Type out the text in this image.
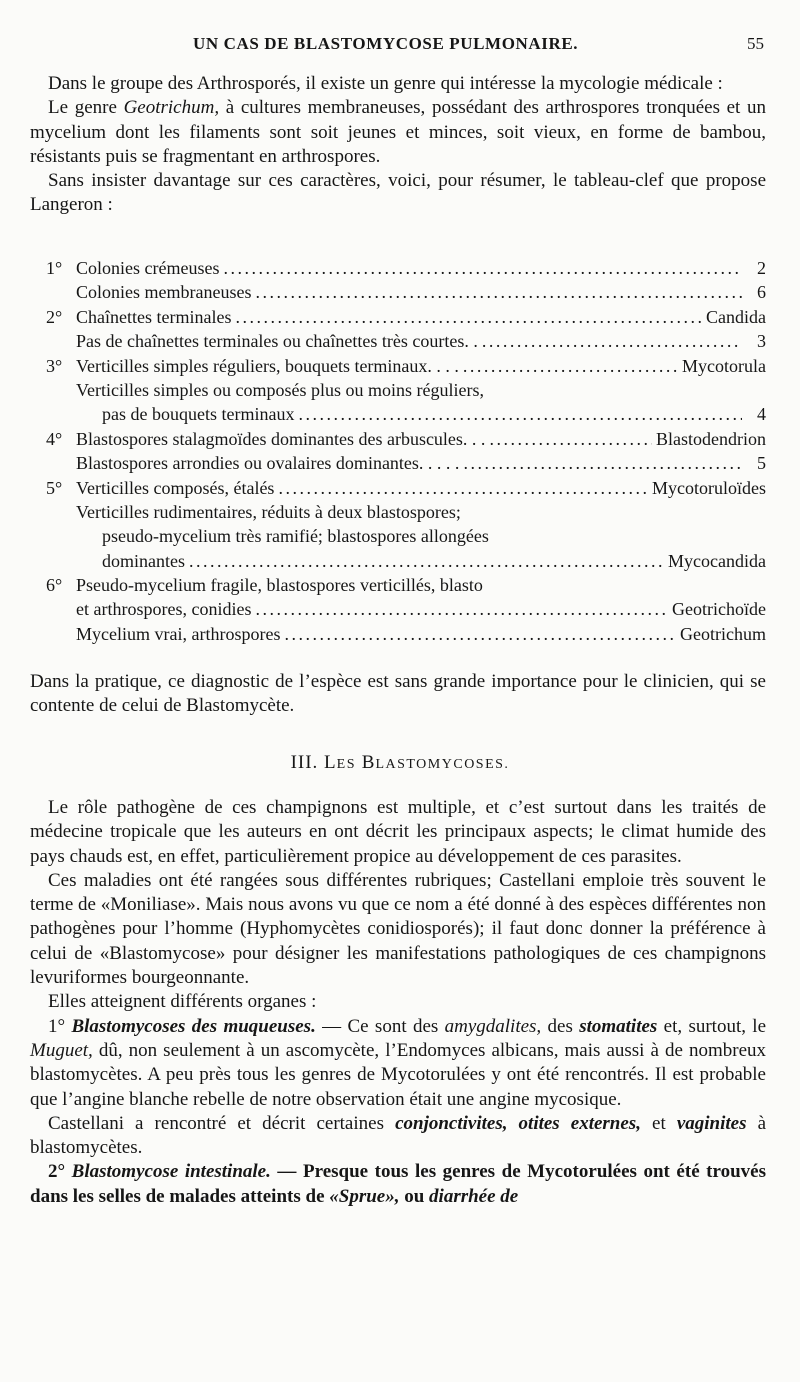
UN CAS DE BLASTOMYCOSE PULMONAIRE.	55

Dans le groupe des Arthrosporés, il existe un genre qui intéresse la mycologie médicale :

Le genre Geotrichum, à cultures membraneuses, possédant des arthrospores tronquées et un mycelium dont les filaments sont soit jeunes et minces, soit vieux, en forme de bambou, résistants puis se fragmentant en arthrospores.

Sans insister davantage sur ces caractères, voici, pour résumer, le tableau-clef que propose Langeron :

1° Colonies crémeuses . . .	2
Colonies membraneuses . . .	6
2° Chaînettes terminales . . .	Candida
Pas de chaînettes terminales ou chaînettes très courtes. . . . .	3
3° Verticilles simples réguliers, bouquets terminaux. . . . . . .	Mycotorula
Verticilles simples ou composés plus ou moins réguliers,
pas de bouquets terminaux . . .	4
4° Blastospores stalagmoïdes dominantes des arbuscules. . . . . .	Blastodendrion
Blastospores arrondies ou ovalaires dominantes. . . . . . . .	5
5° Verticilles composés, étalés . . .	Mycotoruloïdes
Verticilles rudimentaires, réduits à deux blastospores;
pseudo-mycelium très ramifié; blastospores allongées
dominantes . . .	Mycocandida
6° Pseudo-mycelium fragile, blastospores verticillés, blasto
et arthrospores, conidies . . .	Geotrichoïde
Mycelium vrai, arthrospores . . .	Geotrichum

Dans la pratique, ce diagnostic de l’espèce est sans grande importance pour le clinicien, qui se contente de celui de Blastomycète.

III. LES BLASTOMYCOSES.

Le rôle pathogène de ces champignons est multiple, et c’est surtout dans les traités de médecine tropicale que les auteurs en ont décrit les principaux aspects; le climat humide des pays chauds est, en effet, particulièrement propice au développement de ces parasites.

Ces maladies ont été rangées sous différentes rubriques; Castellani emploie très souvent le terme de «Moniliase». Mais nous avons vu que ce nom a été donné à des espèces différentes non pathogènes pour l’homme (Hyphomycètes conidiosporés); il faut donc donner la préférence à celui de «Blastomycose» pour désigner les manifestations pathologiques de ces champignons levuriformes bourgeonnante.

Elles atteignent différents organes :

1° Blastomycoses des muqueuses. — Ce sont des amygdalites, des stomatites et, surtout, le Muguet, dû, non seulement à un ascomycète, l’Endomyces albicans, mais aussi à de nombreux blastomycètes. A peu près tous les genres de Mycotorulées y ont été rencontrés. Il est probable que l’angine blanche rebelle de notre observation était une angine mycosique.

Castellani a rencontré et décrit certaines conjonctivites, otites externes, et vaginites à blastomycètes.

2° Blastomycose intestinale. — Presque tous les genres de Mycotorulées ont été trouvés dans les selles de malades atteints de «Sprue», ou diarrhée de
